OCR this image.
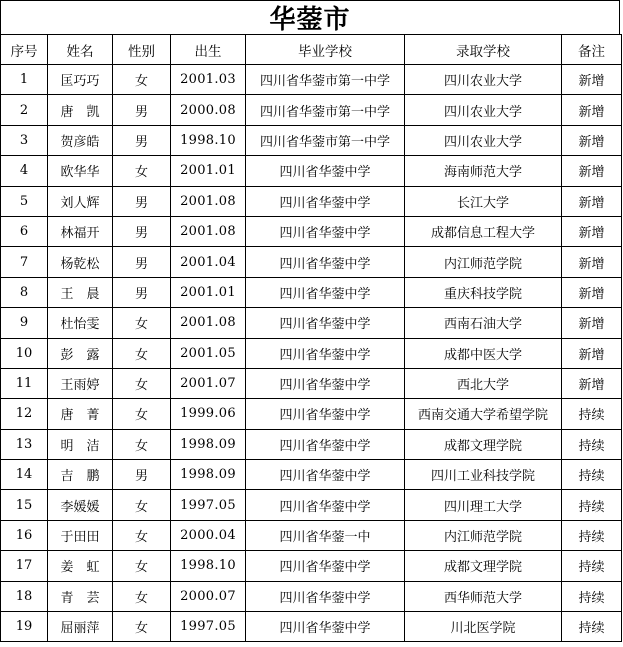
华蓥市
序号	姓名	性别	出生	毕业学校	录取学校	备注
1	匡巧巧	女	2001.03	四川省华蓥市第一中学	四川农业大学	新增
2	唐　凯	男	2000.08	四川省华蓥市第一中学	四川农业大学	新增
3	贺彦皓	男	1998.10	四川省华蓥市第一中学	四川农业大学	新增
4	欧华华	女	2001.01	四川省华蓥中学	海南师范大学	新增
5	刘人辉	男	2001.08	四川省华蓥中学	长江大学	新增
6	林福开	男	2001.08	四川省华蓥中学	成都信息工程大学	新增
7	杨乾松	男	2001.04	四川省华蓥中学	内江师范学院	新增
8	王　晨	男	2001.01	四川省华蓥中学	重庆科技学院	新增
9	杜怡雯	女	2001.08	四川省华蓥中学	西南石油大学	新增
10	彭　露	女	2001.05	四川省华蓥中学	成都中医大学	新增
11	王雨婷	女	2001.07	四川省华蓥中学	西北大学	新增
12	唐　菁	女	1999.06	四川省华蓥中学	西南交通大学希望学院	持续
13	明　洁	女	1998.09	四川省华蓥中学	成都文理学院	持续
14	吉　鹏	男	1998.09	四川省华蓥中学	四川工业科技学院	持续
15	李媛媛	女	1997.05	四川省华蓥中学	四川理工大学	持续
16	于田田	女	2000.04	四川省华蓥一中	内江师范学院	持续
17	姜　虹	女	1998.10	四川省华蓥中学	成都文理学院	持续
18	青　芸	女	2000.07	四川省华蓥中学	西华师范大学	持续
19	屈丽萍	女	1997.05	四川省华蓥中学	川北医学院	持续
